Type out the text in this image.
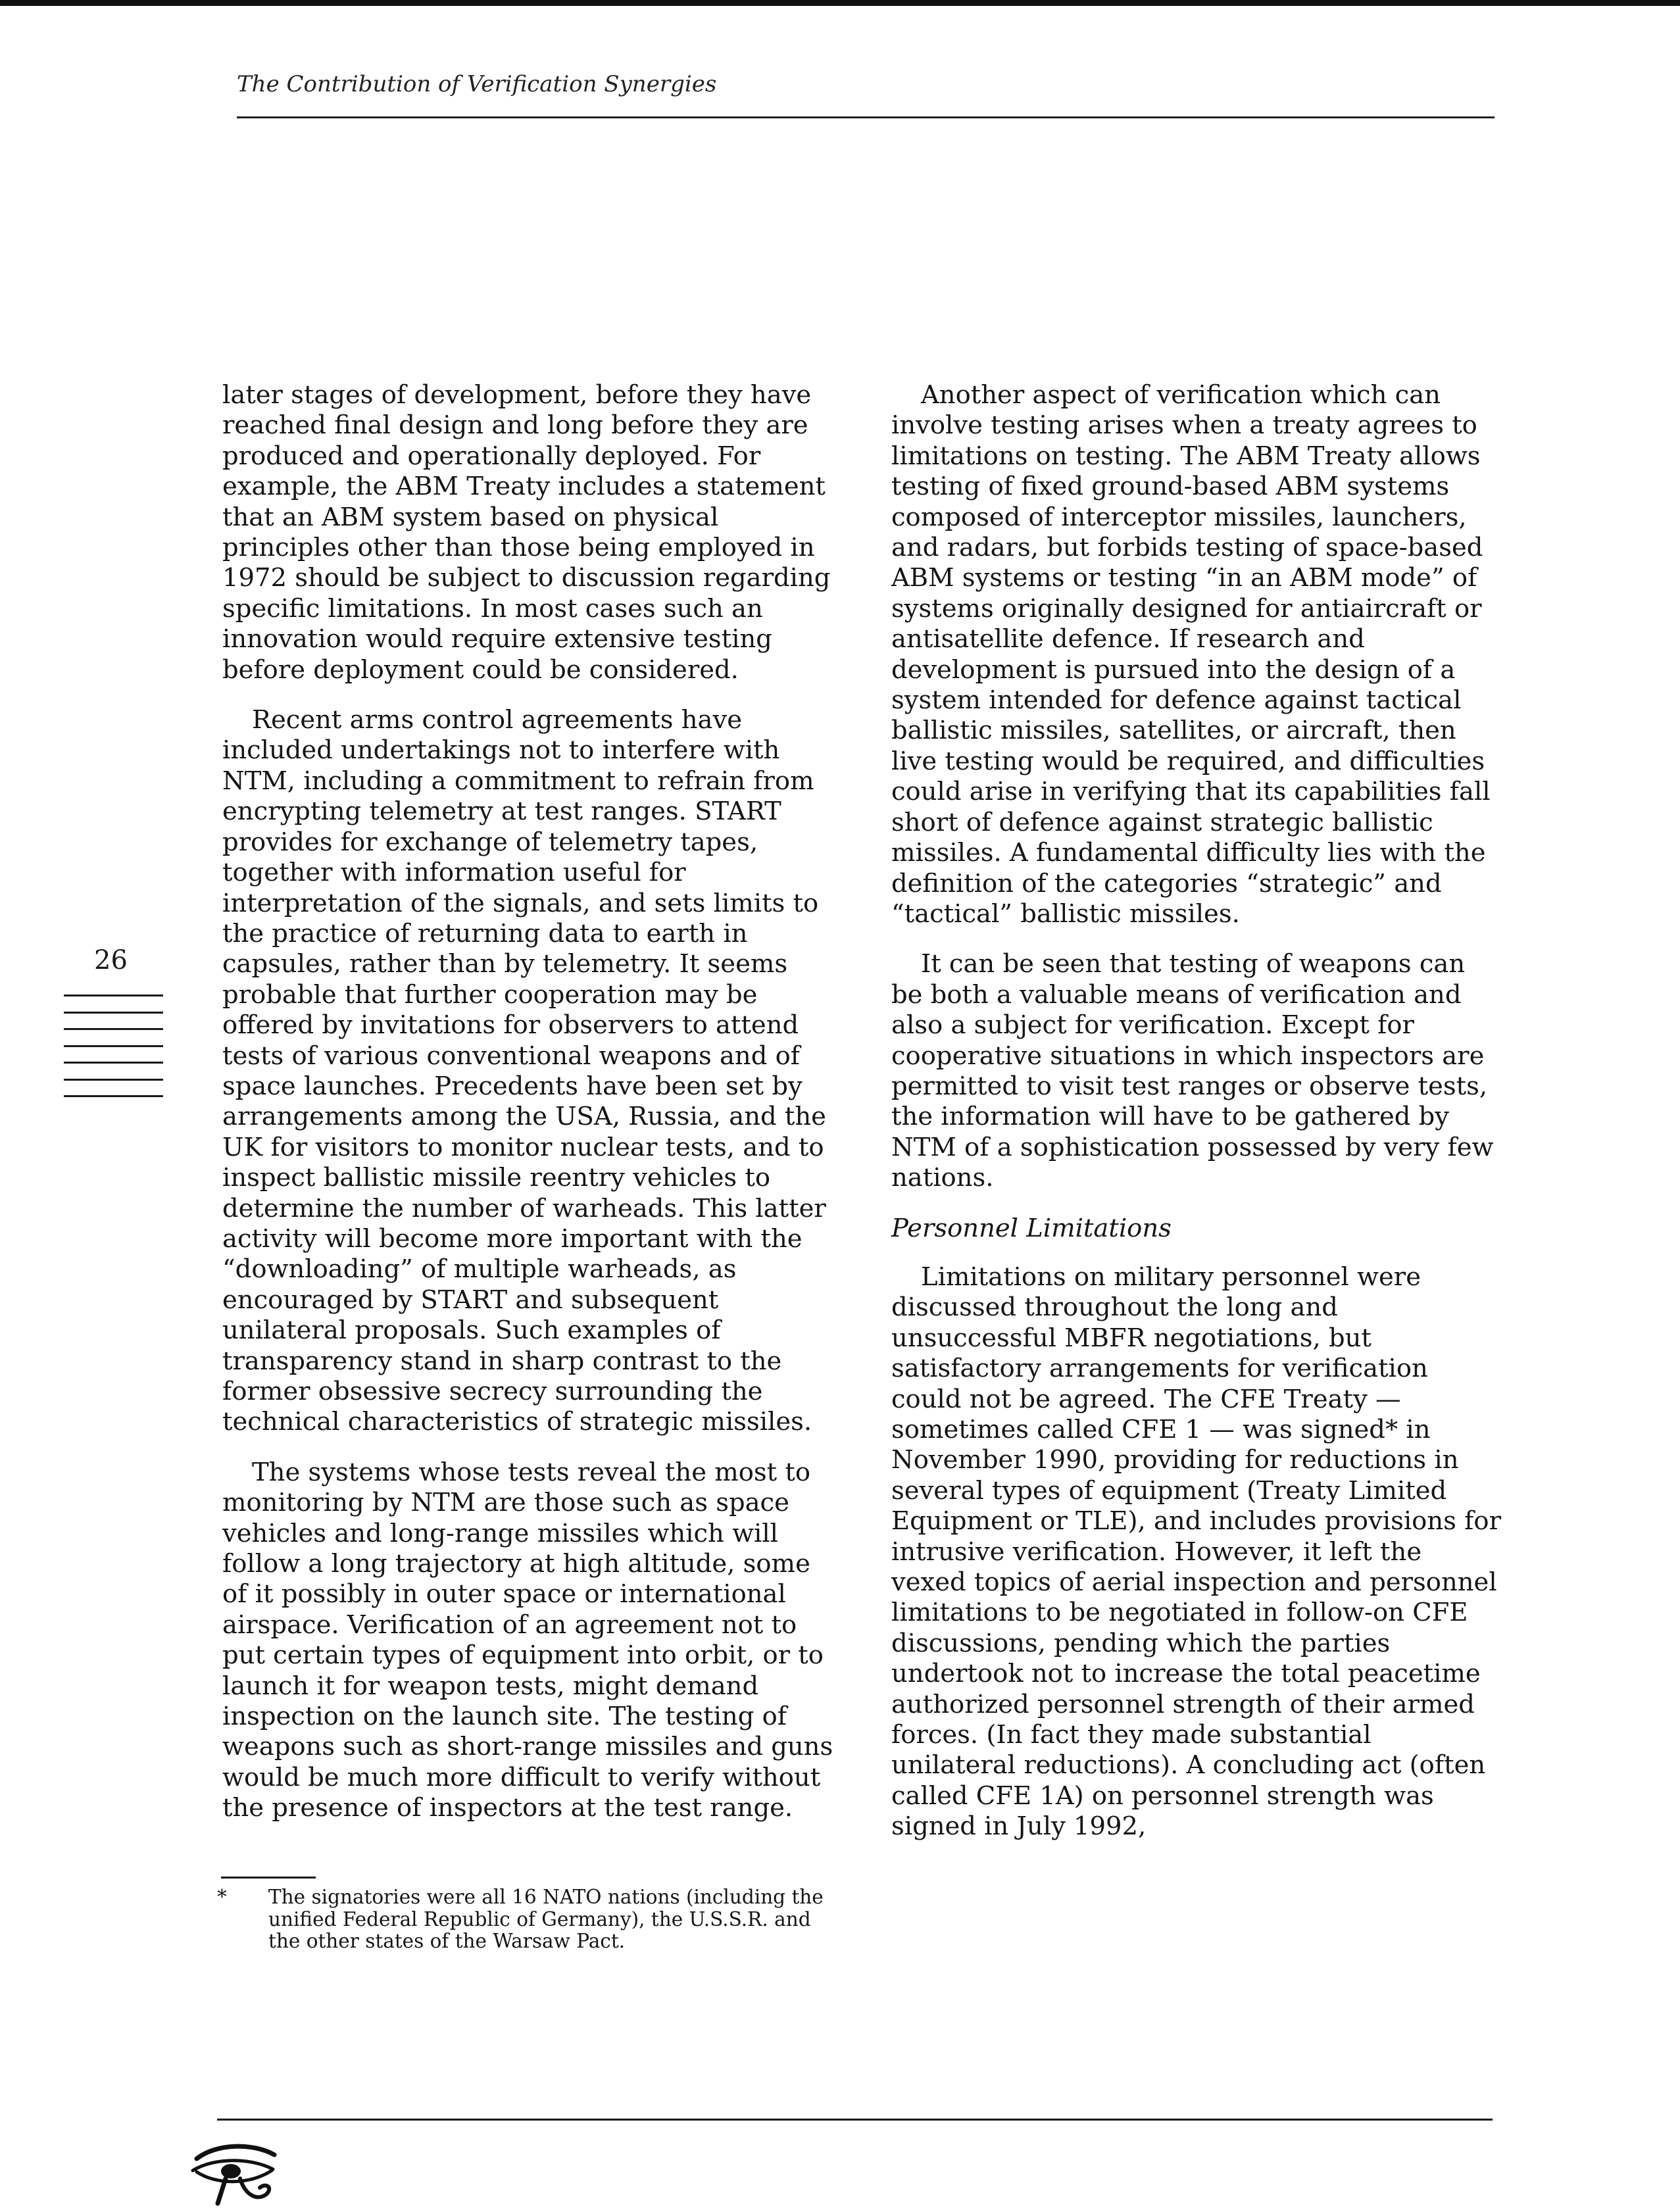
The Contribution of Verification Synergies

later stages of development, before they have reached final design and long before they are produced and operationally deployed. For example, the ABM Treaty includes a statement that an ABM system based on physical principles other than those being employed in 1972 should be subject to discussion regarding specific limitations. In most cases such an innovation would require extensive testing before deployment could be considered.

Recent arms control agreements have included undertakings not to interfere with NTM, including a commitment to refrain from encrypting telemetry at test ranges. START provides for exchange of telemetry tapes, together with information useful for interpretation of the signals, and sets limits to the practice of returning data to earth in capsules, rather than by telemetry. It seems probable that further cooperation may be offered by invitations for observers to attend tests of various conventional weapons and of space launches. Precedents have been set by arrangements among the USA, Russia, and the UK for visitors to monitor nuclear tests, and to inspect ballistic missile reentry vehicles to determine the number of warheads. This latter activity will become more important with the “downloading” of multiple warheads, as encouraged by START and subsequent unilateral proposals. Such examples of transparency stand in sharp contrast to the former obsessive secrecy surrounding the technical characteristics of strategic missiles.

The systems whose tests reveal the most to monitoring by NTM are those such as space vehicles and long-range missiles which will follow a long trajectory at high altitude, some of it possibly in outer space or international airspace. Verification of an agreement not to put certain types of equipment into orbit, or to launch it for weapon tests, might demand inspection on the launch site. The testing of weapons such as short-range missiles and guns would be much more difficult to verify without the presence of inspectors at the test range.

Another aspect of verification which can involve testing arises when a treaty agrees to limitations on testing. The ABM Treaty allows testing of fixed ground-based ABM systems composed of interceptor missiles, launchers, and radars, but forbids testing of space-based ABM systems or testing “in an ABM mode” of systems originally designed for antiaircraft or antisatellite defence. If research and development is pursued into the design of a system intended for defence against tactical ballistic missiles, satellites, or aircraft, then live testing would be required, and difficulties could arise in verifying that its capabilities fall short of defence against strategic ballistic missiles. A fundamental difficulty lies with the definition of the categories “strategic” and “tactical” ballistic missiles.

It can be seen that testing of weapons can be both a valuable means of verification and also a subject for verification. Except for cooperative situations in which inspectors are permitted to visit test ranges or observe tests, the information will have to be gathered by NTM of a sophistication possessed by very few nations.

Personnel Limitations

Limitations on military personnel were discussed throughout the long and unsuccessful MBFR negotiations, but satisfactory arrangements for verification could not be agreed. The CFE Treaty — sometimes called CFE 1 — was signed* in November 1990, providing for reductions in several types of equipment (Treaty Limited Equipment or TLE), and includes provisions for intrusive verification. However, it left the vexed topics of aerial inspection and personnel limitations to be negotiated in follow-on CFE discussions, pending which the parties undertook not to increase the total peacetime authorized personnel strength of their armed forces. (In fact they made substantial unilateral reductions). A concluding act (often called CFE 1A) on personnel strength was signed in July 1992,

26
* The signatories were all 16 NATO nations (including the unified Federal Republic of Germany), the U.S.S.R. and the other states of the Warsaw Pact.
